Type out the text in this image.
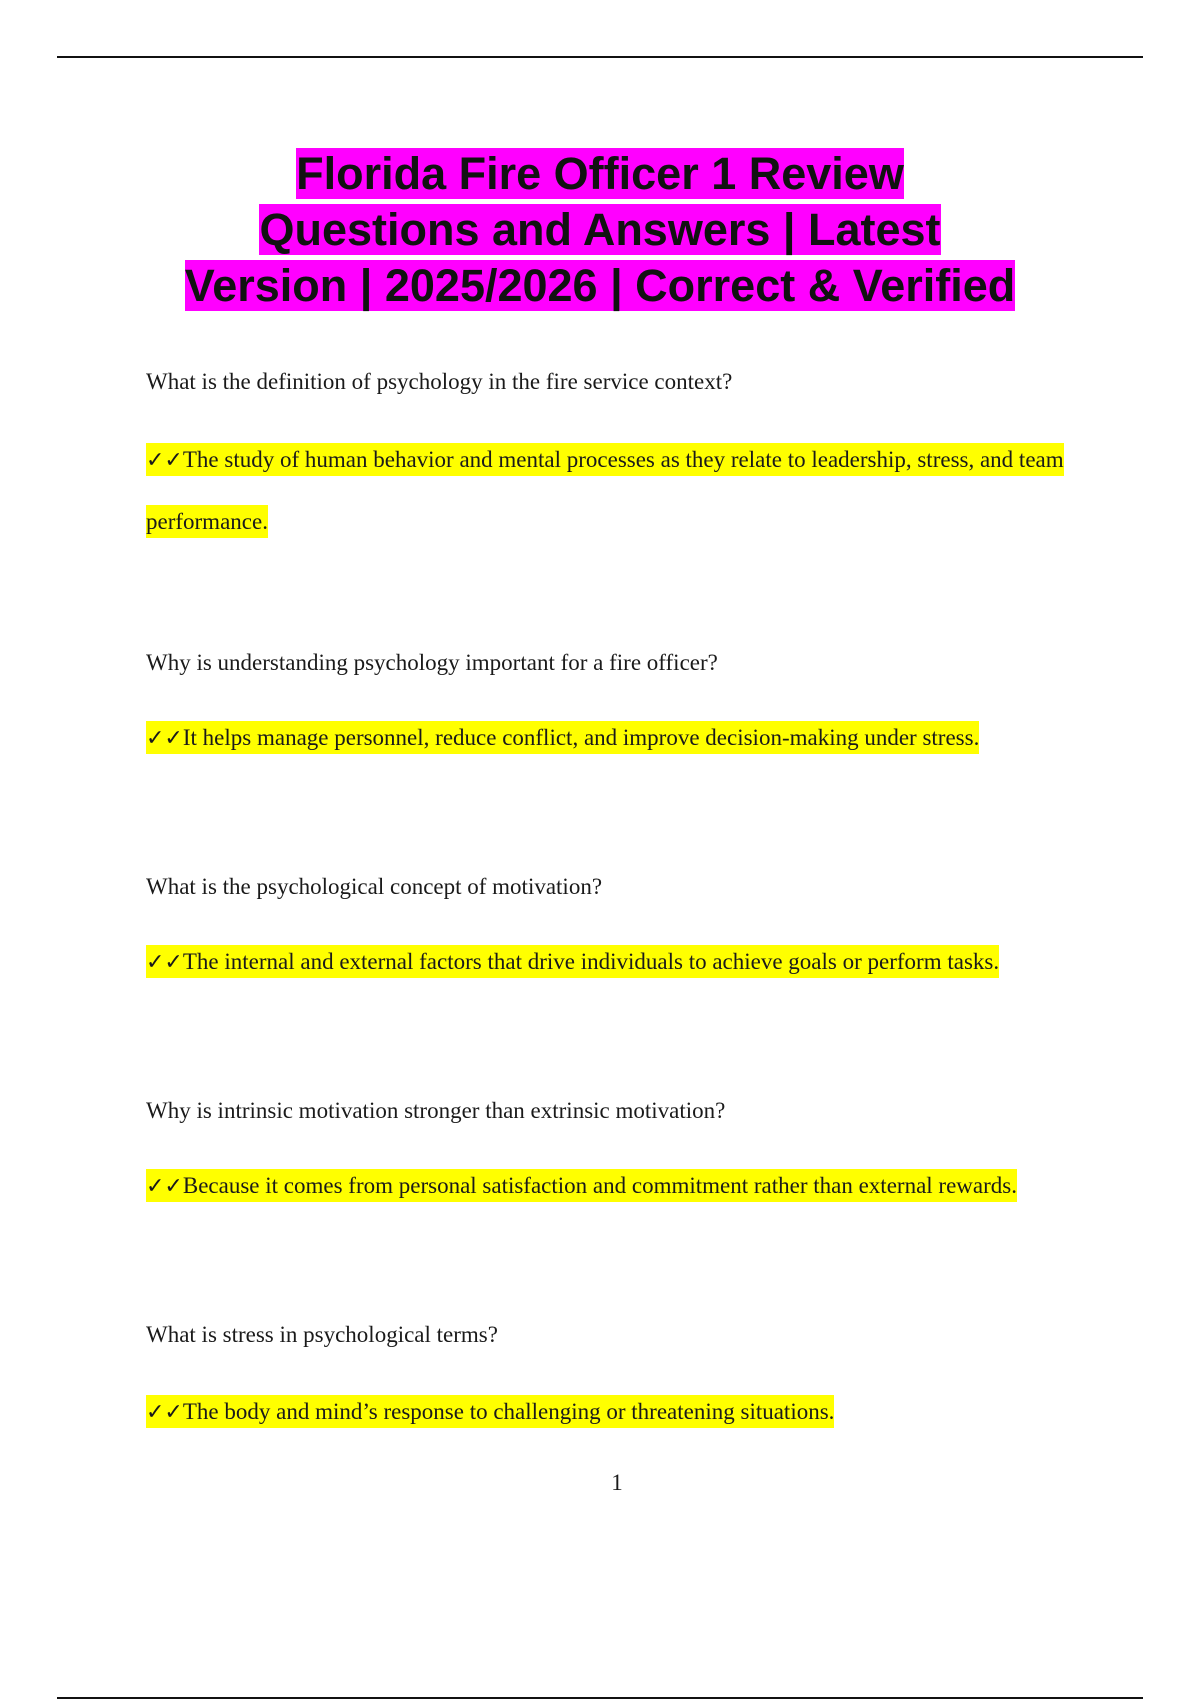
Florida Fire Officer 1 Review
Questions and Answers | Latest
Version | 2025/2026 | Correct & Verified
What is the definition of psychology in the fire service context?
✓✓The study of human behavior and mental processes as they relate to leadership, stress, and team performance.
Why is understanding psychology important for a fire officer?
✓✓It helps manage personnel, reduce conflict, and improve decision-making under stress.
What is the psychological concept of motivation?
✓✓The internal and external factors that drive individuals to achieve goals or perform tasks.
Why is intrinsic motivation stronger than extrinsic motivation?
✓✓Because it comes from personal satisfaction and commitment rather than external rewards.
What is stress in psychological terms?
✓✓The body and mind’s response to challenging or threatening situations.
1
